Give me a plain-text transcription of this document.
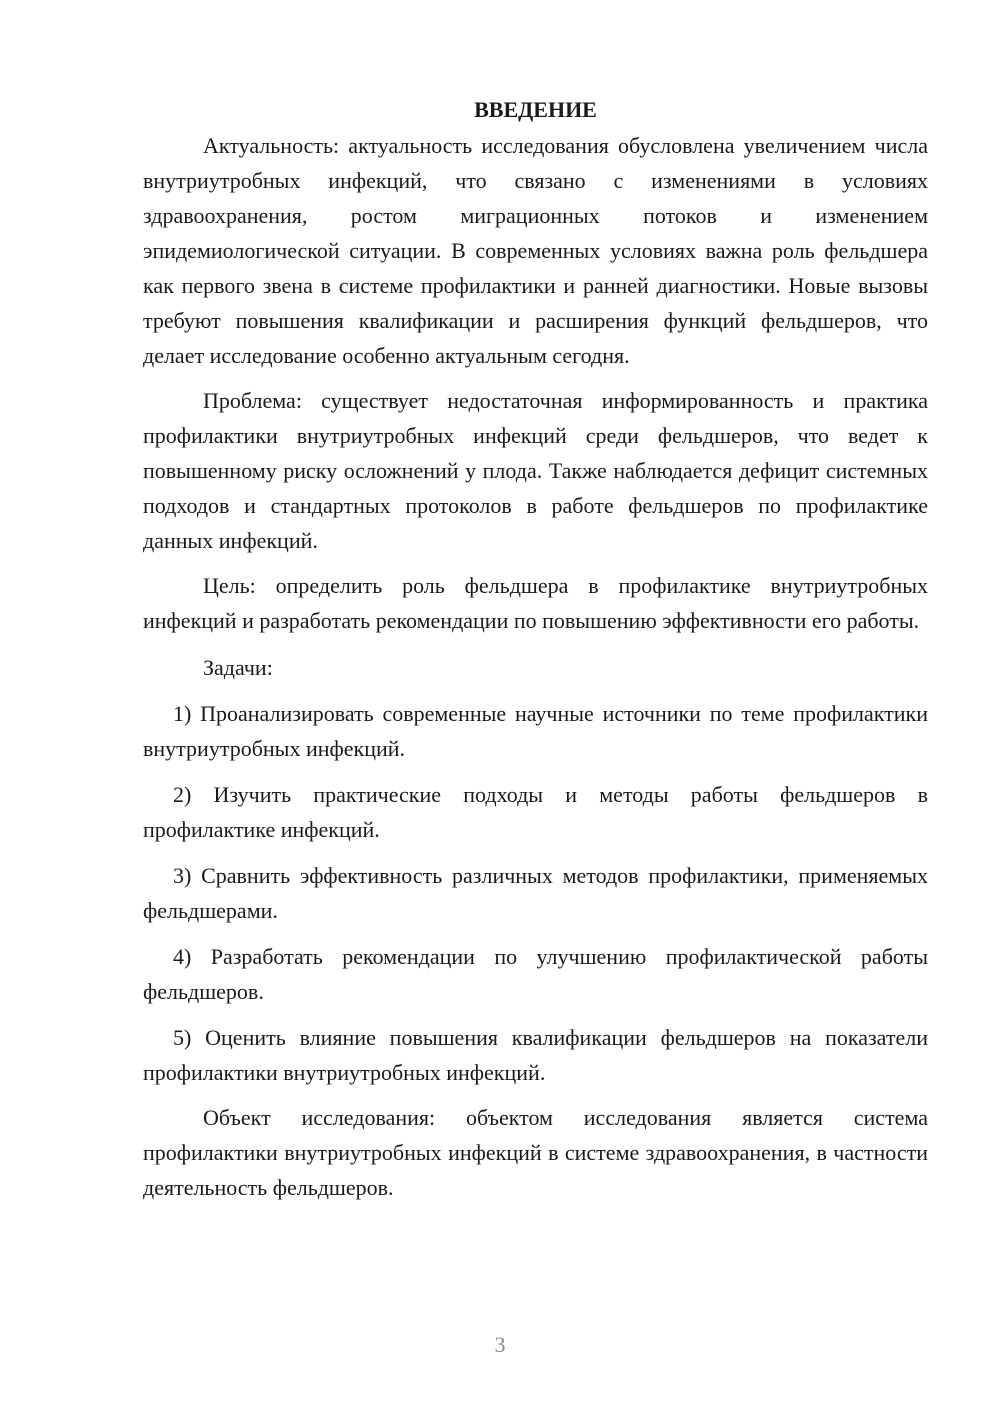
ВВЕДЕНИЕ

Актуальность: актуальность исследования обусловлена увеличением числа внутриутробных инфекций, что связано с изменениями в условиях здравоохранения, ростом миграционных потоков и изменением эпидемиологической ситуации. В современных условиях важна роль фельдшера как первого звена в системе профилактики и ранней диагностики. Новые вызовы требуют повышения квалификации и расширения функций фельдшеров, что делает исследование особенно актуальным сегодня.

Проблема: существует недостаточная информированность и практика профилактики внутриутробных инфекций среди фельдшеров, что ведет к повышенному риску осложнений у плода. Также наблюдается дефицит системных подходов и стандартных протоколов в работе фельдшеров по профилактике данных инфекций.

Цель: определить роль фельдшера в профилактике внутриутробных инфекций и разработать рекомендации по повышению эффективности его работы.

Задачи:

1) Проанализировать современные научные источники по теме профилактики внутриутробных инфекций.

2) Изучить практические подходы и методы работы фельдшеров в профилактике инфекций.

3) Сравнить эффективность различных методов профилактики, применяемых фельдшерами.

4) Разработать рекомендации по улучшению профилактической работы фельдшеров.

5) Оценить влияние повышения квалификации фельдшеров на показатели профилактики внутриутробных инфекций.

Объект исследования: объектом исследования является система профилактики внутриутробных инфекций в системе здравоохранения, в частности деятельность фельдшеров.

3
